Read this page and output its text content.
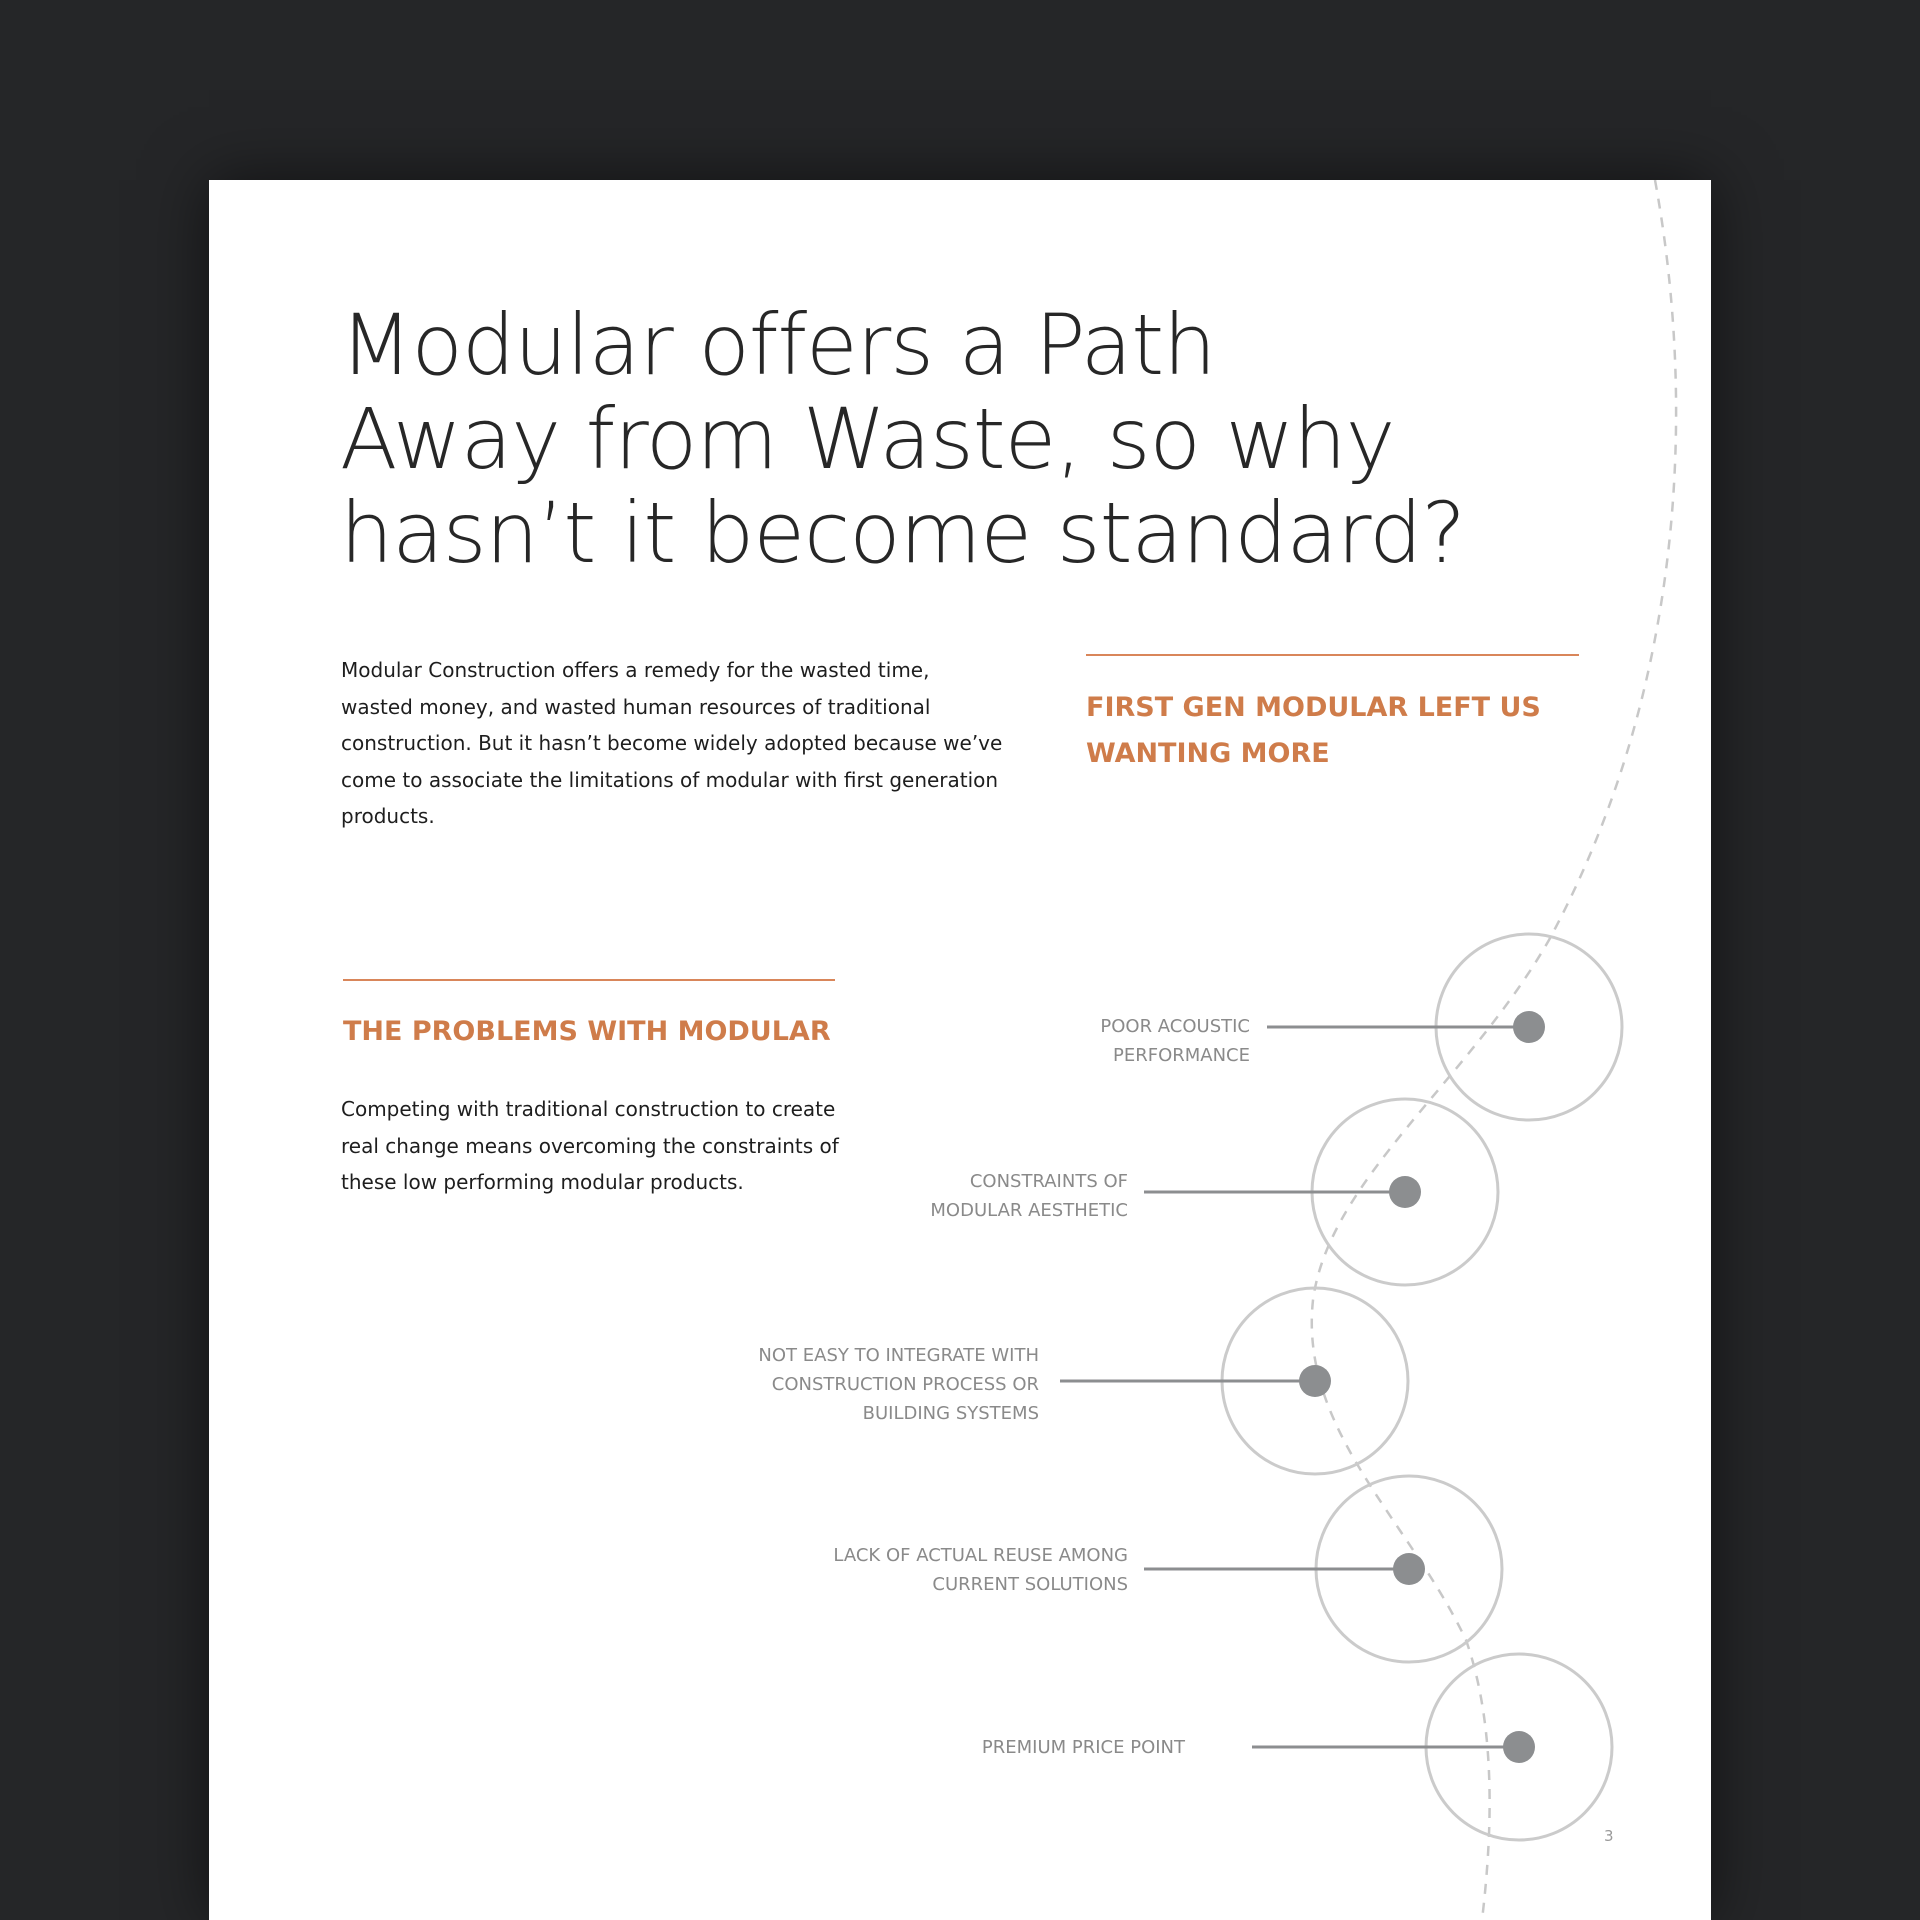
Modular offers a Path
Away from Waste, so why
hasn’t it become standard?

Modular Construction offers a remedy for the wasted time, wasted money, and wasted human resources of traditional construction. But it hasn’t become widely adopted because we’ve come to associate the limitations of modular with first generation products.

FIRST GEN MODULAR LEFT US
WANTING MORE
THE PROBLEMS WITH MODULAR

Competing with traditional construction to create real change means overcoming the constraints of these low performing modular products.

POOR ACOUSTIC
PERFORMANCE
CONSTRAINTS OF
MODULAR AESTHETIC
NOT EASY TO INTEGRATE WITH
CONSTRUCTION PROCESS OR
BUILDING SYSTEMS
LACK OF ACTUAL REUSE AMONG
CURRENT SOLUTIONS
PREMIUM PRICE POINT
3
